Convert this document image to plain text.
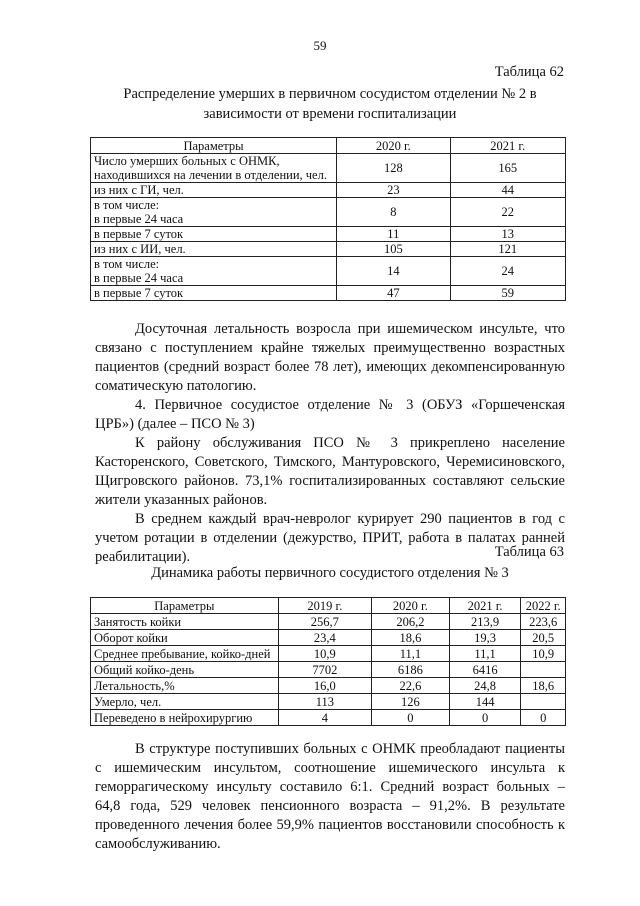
59
Таблица 62
Распределение умерших в первичном сосудистом отделении № 2 в
зависимости от времени госпитализации
Параметры	2020 г.	2021 г.

Число умерших больных с ОНМК,
находившихся на лечении в отделении, чел.	128	165

из них с ГИ, чел.	23	44

в том числе:
в первые 24 часа	8	22

в первые 7 суток	11	13

из них с ИИ, чел.	105	121

в том числе:
в первые 24 часа	14	24

в первые 7 суток	47	59
Досуточная летальность возросла при ишемическом инсульте, что
связано с поступлением крайне тяжелых преимущественно возрастных
пациентов (средний возраст более 78 лет), имеющих декомпенсированную
соматическую патологию.
4. Первичное сосудистое отделение № 3 (ОБУЗ «Горшеченская
ЦРБ») (далее – ПСО № 3)
К району обслуживания ПСО № 3 прикреплено население
Касторенского, Советского, Тимского, Мантуровского, Черемисиновского,
Щигровского районов. 73,1% госпитализированных составляют сельские
жители указанных районов.
В среднем каждый врач-невролог курирует 290 пациентов в год с
учетом ротации в отделении (дежурство, ПРИТ, работа в палатах ранней
реабилитации).	Таблица 63
Динамика работы первичного сосудистого отделения № 3
Параметры	2019 г.	2020 г.	2021 г.	2022 г.
Занятость койки	256,7	206,2	213,9	223,6
Оборот койки	23,4	18,6	19,3	20,5
Среднее пребывание, койко-дней	10,9	11,1	11,1	10,9
Общий койко-день	7702	6186	6416	
Летальность,%	16,0	22,6	24,8	18,6
Умерло, чел.	113	126	144	
Переведено в нейрохирургию	4	0	0	0
В структуре поступивших больных с ОНМК преобладают пациенты
с ишемическим инсультом, соотношение ишемического инсульта к
геморрагическому инсульту составило 6:1. Средний возраст больных –
64,8 года, 529 человек пенсионного возраста – 91,2%. В результате
проведенного лечения более 59,9% пациентов восстановили способность к
самообслуживанию.
